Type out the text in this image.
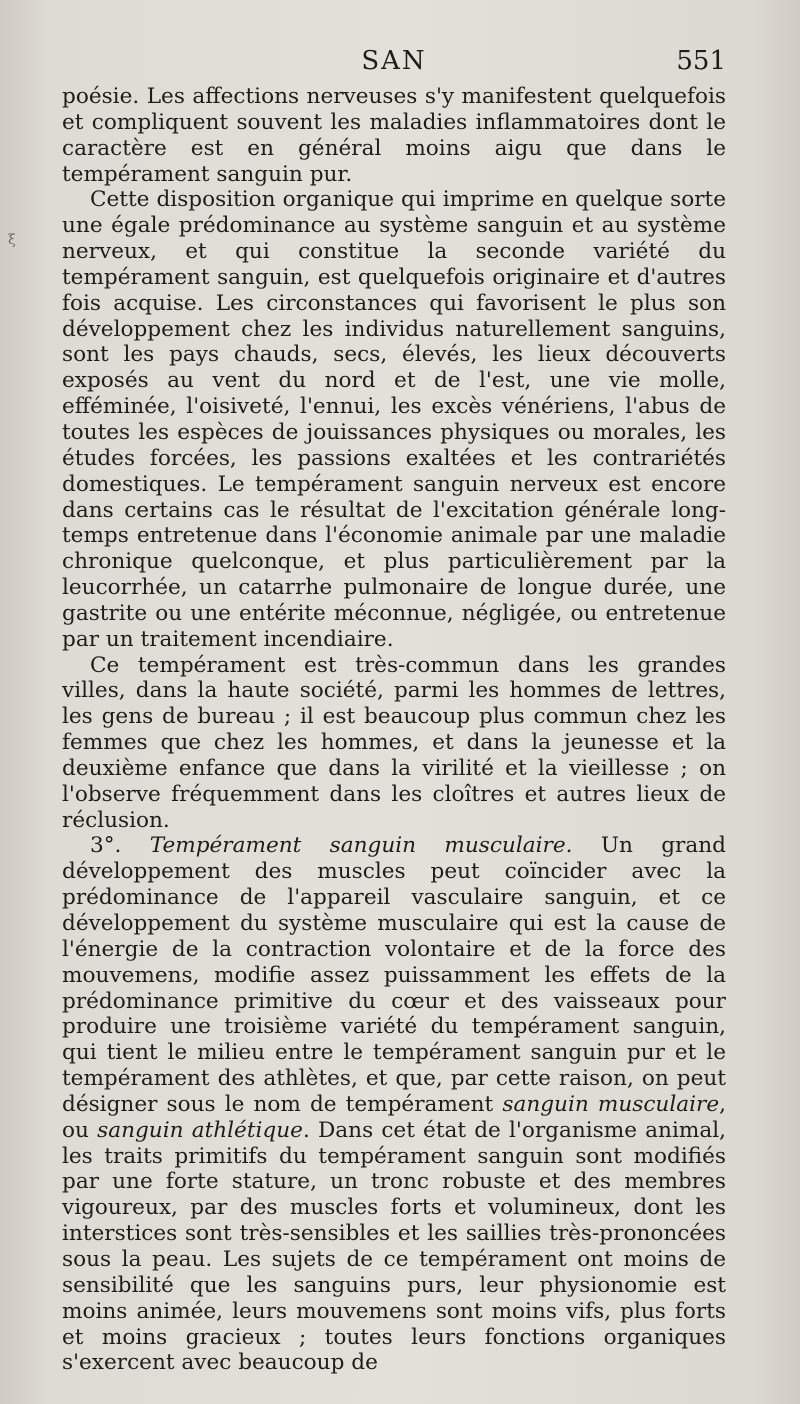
ξ
SAN	551

poésie. Les affections nerveuses s'y manifestent quelquefois et compliquent souvent les maladies inflammatoires dont le caractère est en général moins aigu que dans le tempérament sanguin pur.

Cette disposition organique qui imprime en quelque sorte une égale prédominance au système sanguin et au système nerveux, et qui constitue la seconde variété du tempérament sanguin, est quelquefois originaire et d'autres fois acquise. Les circonstances qui favorisent le plus son développement chez les individus naturellement sanguins, sont les pays chauds, secs, élevés, les lieux découverts exposés au vent du nord et de l'est, une vie molle, efféminée, l'oisiveté, l'ennui, les excès vénériens, l'abus de toutes les espèces de jouissances physiques ou morales, les études forcées, les passions exaltées et les contrariétés domestiques. Le tempérament sanguin nerveux est encore dans certains cas le résultat de l'excitation générale long-temps entretenue dans l'économie animale par une maladie chronique quelconque, et plus particulièrement par la leucorrhée, un catarrhe pulmonaire de longue durée, une gastrite ou une entérite méconnue, négligée, ou entretenue par un traitement incendiaire.

Ce tempérament est très-commun dans les grandes villes, dans la haute société, parmi les hommes de lettres, les gens de bureau ; il est beaucoup plus commun chez les femmes que chez les hommes, et dans la jeunesse et la deuxième enfance que dans la virilité et la vieillesse ; on l'observe fréquemment dans les cloîtres et autres lieux de réclusion.

3°. Tempérament sanguin musculaire. Un grand développement des muscles peut coïncider avec la prédominance de l'appareil vasculaire sanguin, et ce développement du système musculaire qui est la cause de l'énergie de la contraction volontaire et de la force des mouvemens, modifie assez puissamment les effets de la prédominance primitive du cœur et des vaisseaux pour produire une troisième variété du tempérament sanguin, qui tient le milieu entre le tempérament sanguin pur et le tempérament des athlètes, et que, par cette raison, on peut désigner sous le nom de tempérament sanguin musculaire, ou sanguin athlétique. Dans cet état de l'organisme animal, les traits primitifs du tempérament sanguin sont modifiés par une forte stature, un tronc robuste et des membres vigoureux, par des muscles forts et volumineux, dont les interstices sont très-sensibles et les saillies très-prononcées sous la peau. Les sujets de ce tempérament ont moins de sensibilité que les sanguins purs, leur physionomie est moins animée, leurs mouvemens sont moins vifs, plus forts et moins gracieux ; toutes leurs fonctions organiques s'exercent avec beaucoup de
